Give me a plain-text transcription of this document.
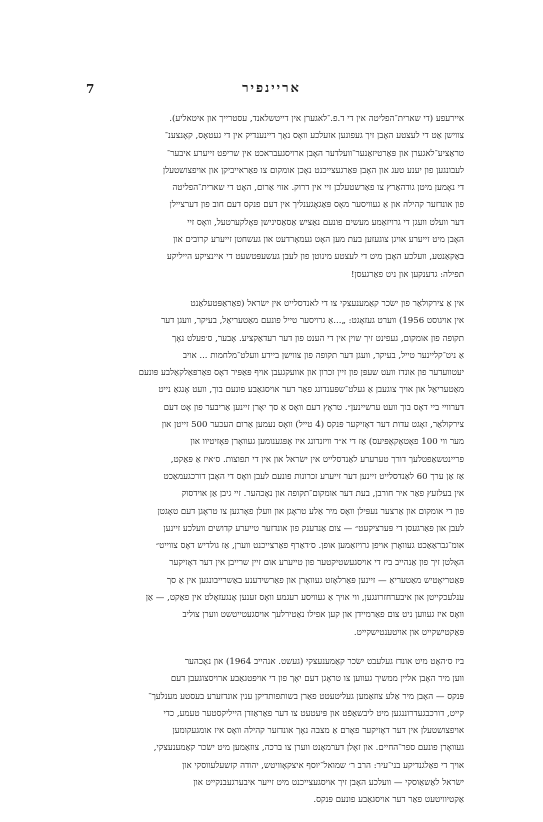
7	אריינפיר
איירעפע (די שארית־הפליטה אין די ד.פ.־לאגערן אין דייטשלאנד, עסטרייך און איטאליע).
צווישן אַט די לעצטע האָבן זיך געפונען אזעלכע וואָס נאָך דיינענדיק אין די געטאָס, קאָנצענ־
טראַציע־לאגערן און פּאַרטיזאַנער־וועלדער האָבן ארויסגעבראכט אין שריפט זייערע איבער־
לעבונגען פון יענע טעג און האָבן פּאַרגעצייכנט נאָכן אומקום צו פאַראייביקן און אויפצושטעלן
די נאָמען מיטן גודהאַרץ צו פאַרשטעלכן זיי אין דרוק. אזוי אַרום, האָט די שארית־הפליטה
פון אונדזער קהילה און אַ געוויסער מאָס פּאַגאָגענליך אין דעם פנקס דעם חוב פון דערציילן
דער וועלט וועגן די גרויזאַמע מעשים פונעם נאַציש אַסאַסינישן פּאָלקערטעל, וואָס זיי
האָבן מיט זייערע אויגן צוגעזען בעת מען האָט געמאָרדעט און געשחטן זייערע קרובים און
באַקאַנטע, וועלכע האָבן מיט די לעצטע מינוטן פון לעבן געשעפּטשעט די איינציקע הייליקע
תפילה: גדענקען און ניט פאַרגעסן!
אין אַ צירקולאַר פון ישׂכר קאַמענעצקי צו די לאנדסלייט אין ישׂראל (פאַראַפּטעלאַנט
אין אויגוסט 1956) ווערט געזאָגט: „...אַ גרויסער טייל פונעם מאַטעריאַל, בעיקר, וועגן דער
תקופה פון אומקום, געפינט זיך שוין אין די הענט פון דער רעדאַקציע. אָבער, ס׳פעלט נאָך
אַ ניט־קליינער טייל, בעיקר, וועגן דער תקופה פון צווישן ביידע וועלט־מלחמות ... אויב
יעטוועדער פון אונדז וועט שעפּן פון זיין זכרון און אוועקגעבן אויף פּאַפּיר דאָס פאַרפּאַלקאַלבע פּונעם
מאַטעריאַל און אויך צוגעבן אַ געלט־שפּענדונג פאַר דער אויסגאַבע פונעם בוך, וועט אָנגאַ נייט
דערוויי ביי דאָס בוך וועט ערשיינען״. טראָץ דעם וואָס אַ סך יאָרן זיינען אַריבער פון אָט דעם
צירקולאַר, זאָגט עדות דער דאָזיקער פּנקס (4 טייל) וואָס נעמען אַרום העכער 500 זייטן און
מער ווי 100 פאָטאָקאָפּיעס) אַז די א״ד וויזנדונג איז אָפּגענומען געוואָרן פּאָזיטיוו און
פריינטשאַפטלעך דורך טערערע לאַנדסלייט אין ישׂראל און אין די תפוצות. ס׳איז אַ פּאַקט,
אַז אַן ערך 60 לאַנדסלייט זיינען דער זייערע זכרונות פונעם לעבן וואָס די האָבן דורכגעמאַכט
אין בעלזעץ פאַר איר חורבן, בעת דער אומקום־תקופה און נאָכהער. זיי גיבן אַן אוידסוק
פון די אומקום און אַרצער נעפּילן וואָס מיר אַלע טראָגן און וועלן פאָרגען צו טראָגן דעם טאָגטן
לעבן און פאַרגעסן די פּערציקעט״ — צום אַנדענק פון אונדזער טייערע קדושים וועלכע זיינען
אומ־גבראַאַכט געוואָרן אויפן גרויזאַמען אופן. ס׳דאַרף פאַרצייכנט ווערן, אַז גולדיש דאָס צווייט״
האָלטן זיך פון אַנהייב ביז די אויסגעשטיקטער פון טייערע אום זיין שרייבן אין דער דאָזיקער
פּאַטריאָטיש מאַטעריאַ — זיינען פּאַרלאָזט געוואָרן און פאַרשידענע באַשרייבונגען אין אַ סך
ענלעכקייטן און איבערחזרונגען, ווי אויך אַ געוויסע רעגמע וואָס זענען אָנגעזאָלט אין פאַקט, — אַן
וואָס איז געווען ניט צום פאַרמיידן און קען אפילו נאַטירלעך אויסגעטייטשט ווערן צוליב
פּאַקטישקייט און אויטענטישקייט.
ביז ס׳האָט מיט אונדז געלעבט ישׂכר קאַמענעצקי (געשט. אנהייב 1964) און נאָכהער
ווען מיר האָבן אליין ממשיך געווען צו טראָגן דעם יאָך פון די אויפטגאַבע ארויסצוגעבן דעם
פּנקס — האָבן מיר אַלע צוזאַמען געליטעטט פאַרן בשותפותדיקן ענין אונדזערע בעסטע מענלעך־
קייט, דורכבגעדרוננגען מיט ליבשאַפֿט און פּיעטעט צו דער פאַראַזדן הייליקסטער טעמע, כדי
אויפצושטעלן אין דער דאָזיקער פאָרם אַ מצבה נאָך אונדזער קהילה וואָס איז אומגעקומען
געוואָרן פונעם ספר־החיים. און זאָלן דערמאָנט ווערן צו ברכה, צוזאַמען מיט ישׂכר קאַמענעצקי,
אויך די פאַלגנדיקע בני־עיר: הרב ר׳ שמואל־יוסף איצקאָוויטש, יהודה קזשעלעווסקי און
ישׂראל לאַשאַוסקי — וועלכע האָבן זיך אויסגעצייכנט מיט זייער איבערגעבנקייט און
אַקטיוויטעט פאַר דער אויסגאַבע פונעם פּנקס.
